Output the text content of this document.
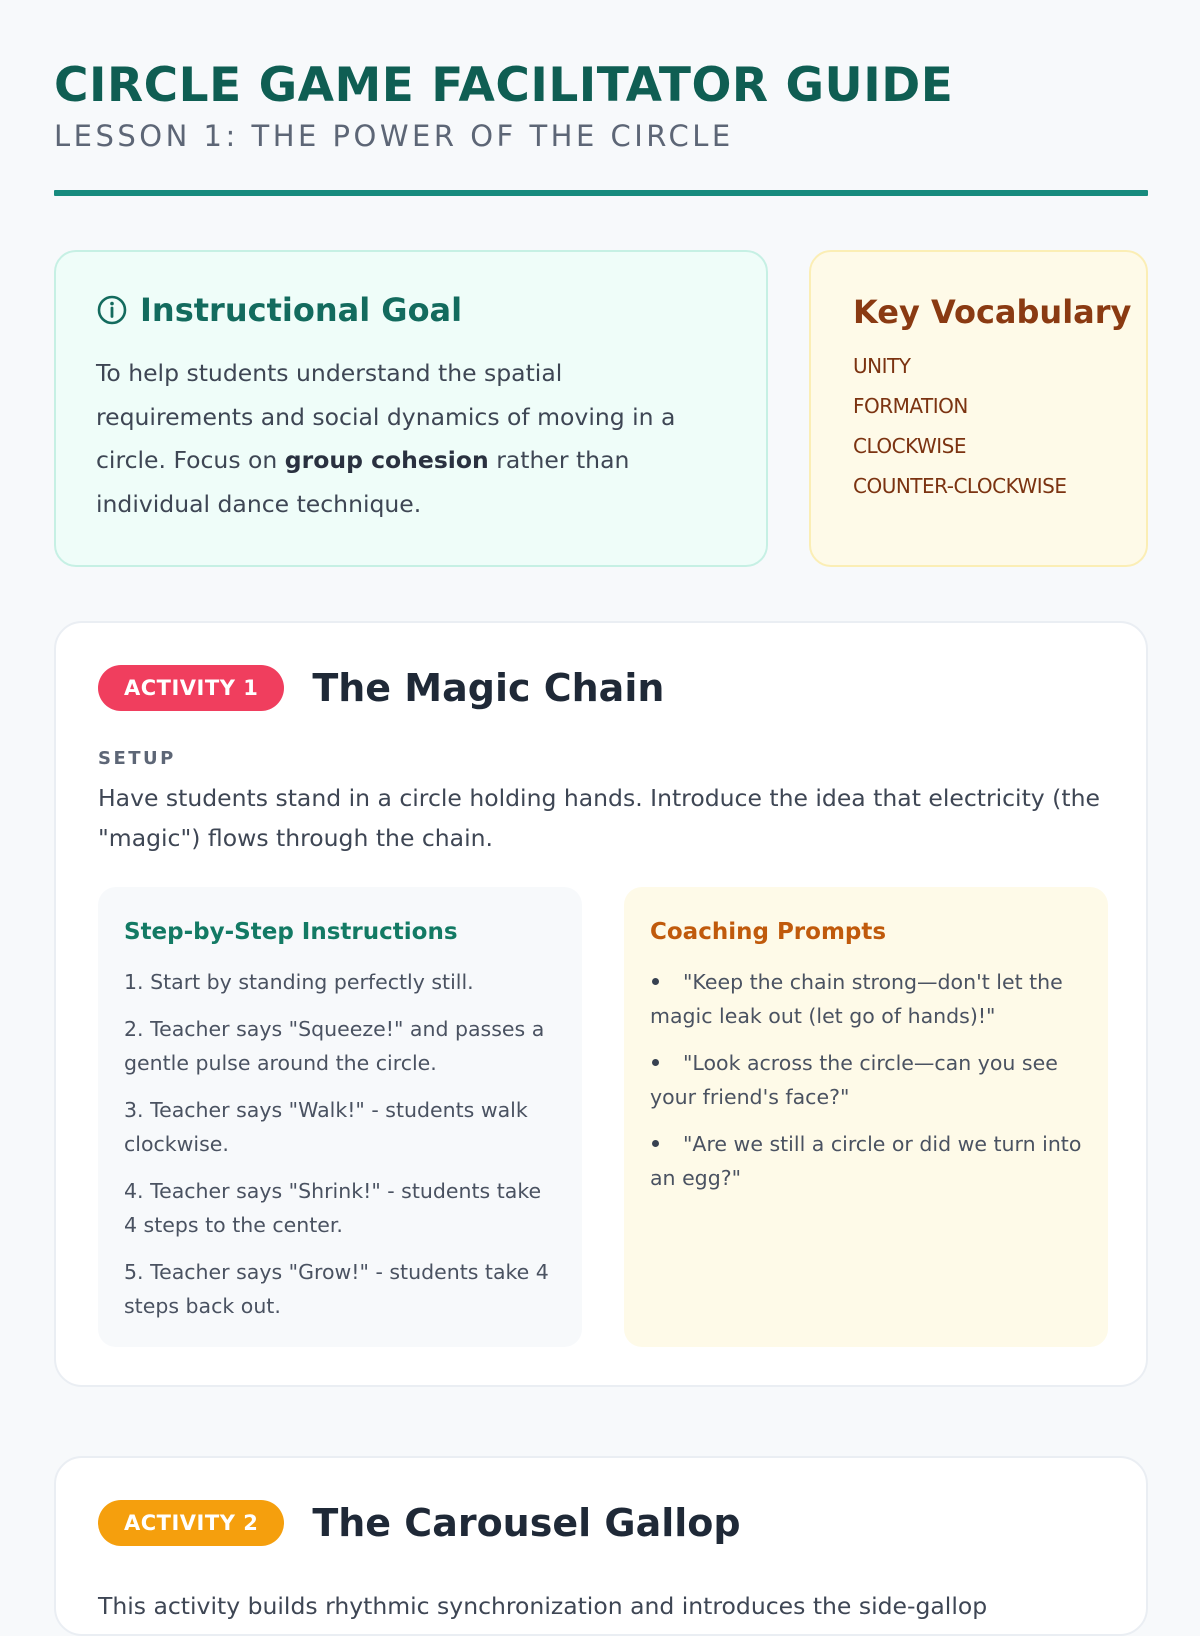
CIRCLE GAME FACILITATOR GUIDE
LESSON 1: THE POWER OF THE CIRCLE
Instructional Goal

To help students understand the spatial requirements and social dynamics of moving in a circle. Focus on group cohesion rather than individual dance technique.

Key Vocabulary
UNITY
FORMATION
CLOCKWISE
COUNTER-CLOCKWISE
ACTIVITY 1	The Magic Chain
SETUP

Have students stand in a circle holding hands. Introduce the idea that electricity (the "magic") flows through the chain.

Step-by-Step Instructions
1. Start by standing perfectly still.
2. Teacher says "Squeeze!" and passes a gentle pulse around the circle.
3. Teacher says "Walk!" - students walk clockwise.
4. Teacher says "Shrink!" - students take 4 steps to the center.
5. Teacher says "Grow!" - students take 4 steps back out.
Coaching Prompts
"Keep the chain strong—don't let the magic leak out (let go of hands)!"
"Look across the circle—can you see your friend's face?"
"Are we still a circle or did we turn into an egg?"
ACTIVITY 2	The Carousel Gallop

This activity builds rhythmic synchronization and introduces the side-gallop
